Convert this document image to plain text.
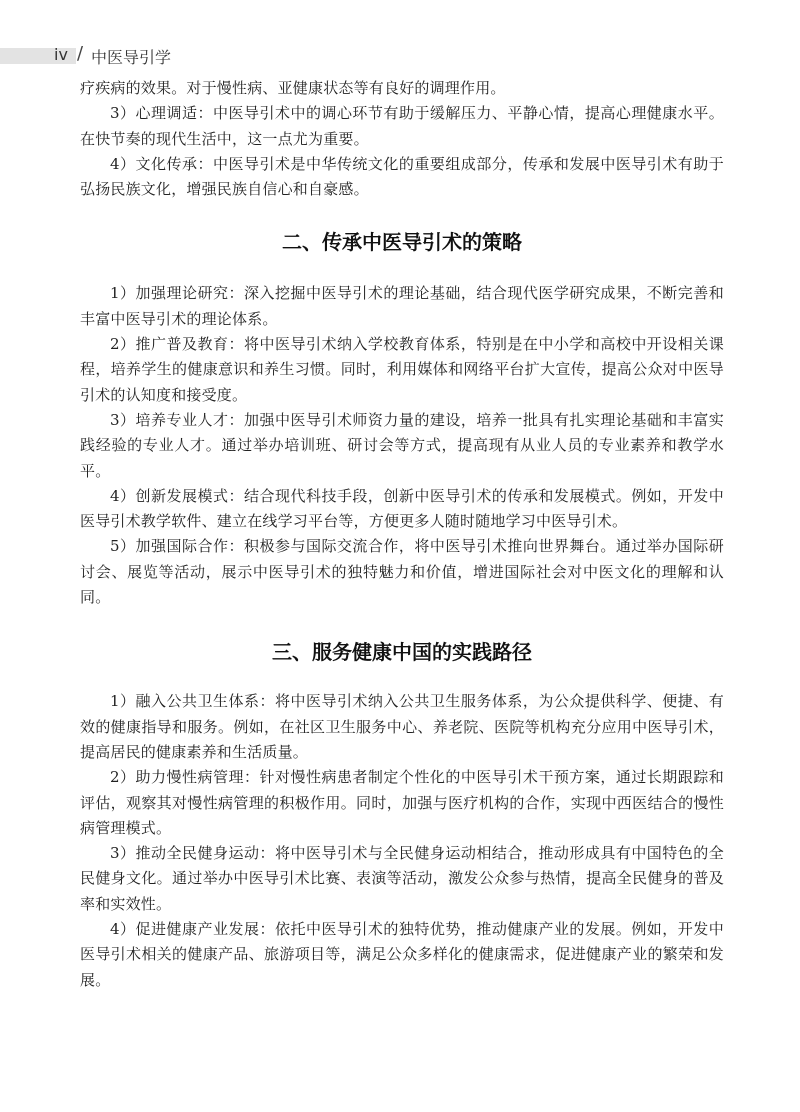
iv / 中医导引学

疗疾病的效果。对于慢性病、亚健康状态等有良好的调理作用。

3）心理调适：中医导引术中的调心环节有助于缓解压力、平静心情，提高心理健康水平。在快节奏的现代生活中，这一点尤为重要。

4）文化传承：中医导引术是中华传统文化的重要组成部分，传承和发展中医导引术有助于弘扬民族文化，增强民族自信心和自豪感。

二、传承中医导引术的策略

1）加强理论研究：深入挖掘中医导引术的理论基础，结合现代医学研究成果，不断完善和丰富中医导引术的理论体系。

2）推广普及教育：将中医导引术纳入学校教育体系，特别是在中小学和高校中开设相关课程，培养学生的健康意识和养生习惯。同时，利用媒体和网络平台扩大宣传，提高公众对中医导引术的认知度和接受度。

3）培养专业人才：加强中医导引术师资力量的建设，培养一批具有扎实理论基础和丰富实践经验的专业人才。通过举办培训班、研讨会等方式，提高现有从业人员的专业素养和教学水平。

4）创新发展模式：结合现代科技手段，创新中医导引术的传承和发展模式。例如，开发中医导引术教学软件、建立在线学习平台等，方便更多人随时随地学习中医导引术。

5）加强国际合作：积极参与国际交流合作，将中医导引术推向世界舞台。通过举办国际研讨会、展览等活动，展示中医导引术的独特魅力和价值，增进国际社会对中医文化的理解和认同。

三、服务健康中国的实践路径

1）融入公共卫生体系：将中医导引术纳入公共卫生服务体系，为公众提供科学、便捷、有效的健康指导和服务。例如，在社区卫生服务中心、养老院、医院等机构充分应用中医导引术，提高居民的健康素养和生活质量。

2）助力慢性病管理：针对慢性病患者制定个性化的中医导引术干预方案，通过长期跟踪和评估，观察其对慢性病管理的积极作用。同时，加强与医疗机构的合作，实现中西医结合的慢性病管理模式。

3）推动全民健身运动：将中医导引术与全民健身运动相结合，推动形成具有中国特色的全民健身文化。通过举办中医导引术比赛、表演等活动，激发公众参与热情，提高全民健身的普及率和实效性。

4）促进健康产业发展：依托中医导引术的独特优势，推动健康产业的发展。例如，开发中医导引术相关的健康产品、旅游项目等，满足公众多样化的健康需求，促进健康产业的繁荣和发展。
